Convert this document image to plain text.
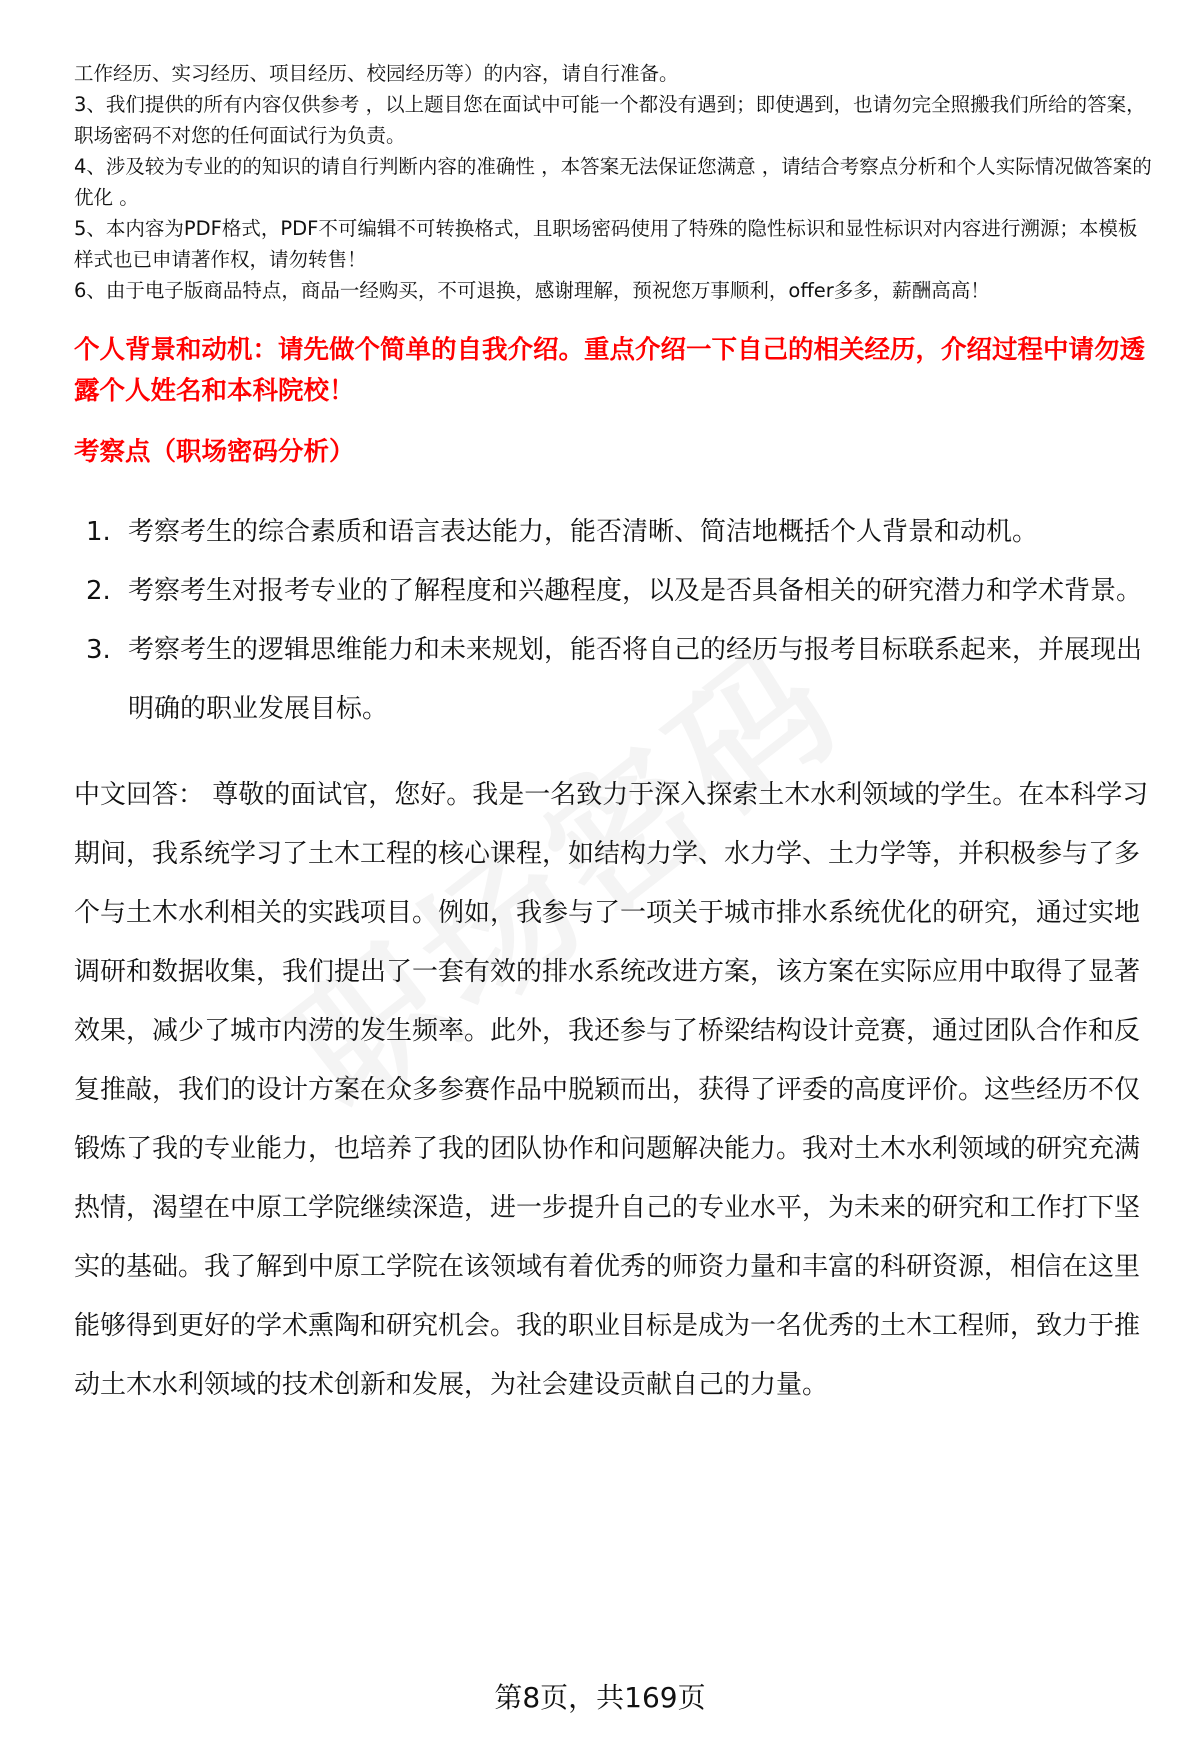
工作经历、实习经历、项目经历、校园经历等）的内容，请自行准备。

3、我们提供的所有内容仅供参考 ，以上题目您在面试中可能一个都没有遇到；即使遇到，也请勿完全照搬我们所给的答案，职场密码不对您的任何面试行为负责。

4、涉及较为专业的的知识的请自行判断内容的准确性 ，本答案无法保证您满意 ，请结合考察点分析和个人实际情况做答案的优化 。

5、本内容为PDF格式，PDF不可编辑不可转换格式，且职场密码使用了特殊的隐性标识和显性标识对内容进行溯源；本模板样式也已申请著作权，请勿转售！

6、由于电子版商品特点，商品一经购买，不可退换，感谢理解，预祝您万事顺利，offer多多，薪酬高高！

个人背景和动机：请先做个简单的自我介绍。重点介绍一下自己的相关经历，介绍过程中请勿透露个人姓名和本科院校！
考察点（职场密码分析）
1. 考察考生的综合素质和语言表达能力，能否清晰、简洁地概括个人背景和动机。
2. 考察考生对报考专业的了解程度和兴趣程度，以及是否具备相关的研究潜力和学术背景。
3. 考察考生的逻辑思维能力和未来规划，能否将自己的经历与报考目标联系起来，并展现出明确的职业发展目标。

中文回答： 尊敬的面试官，您好。我是一名致力于深入探索土木水利领域的学生。在本科学习期间，我系统学习了土木工程的核心课程，如结构力学、水力学、土力学等，并积极参与了多个与土木水利相关的实践项目。例如，我参与了一项关于城市排水系统优化的研究，通过实地调研和数据收集，我们提出了一套有效的排水系统改进方案，该方案在实际应用中取得了显著效果，减少了城市内涝的发生频率。此外，我还参与了桥梁结构设计竞赛，通过团队合作和反复推敲，我们的设计方案在众多参赛作品中脱颖而出，获得了评委的高度评价。这些经历不仅锻炼了我的专业能力，也培养了我的团队协作和问题解决能力。我对土木水利领域的研究充满热情，渴望在中原工学院继续深造，进一步提升自己的专业水平，为未来的研究和工作打下坚实的基础。我了解到中原工学院在该领域有着优秀的师资力量和丰富的科研资源，相信在这里能够得到更好的学术熏陶和研究机会。我的职业目标是成为一名优秀的土木工程师，致力于推动土木水利领域的技术创新和发展，为社会建设贡献自己的力量。

第8页，共169页
